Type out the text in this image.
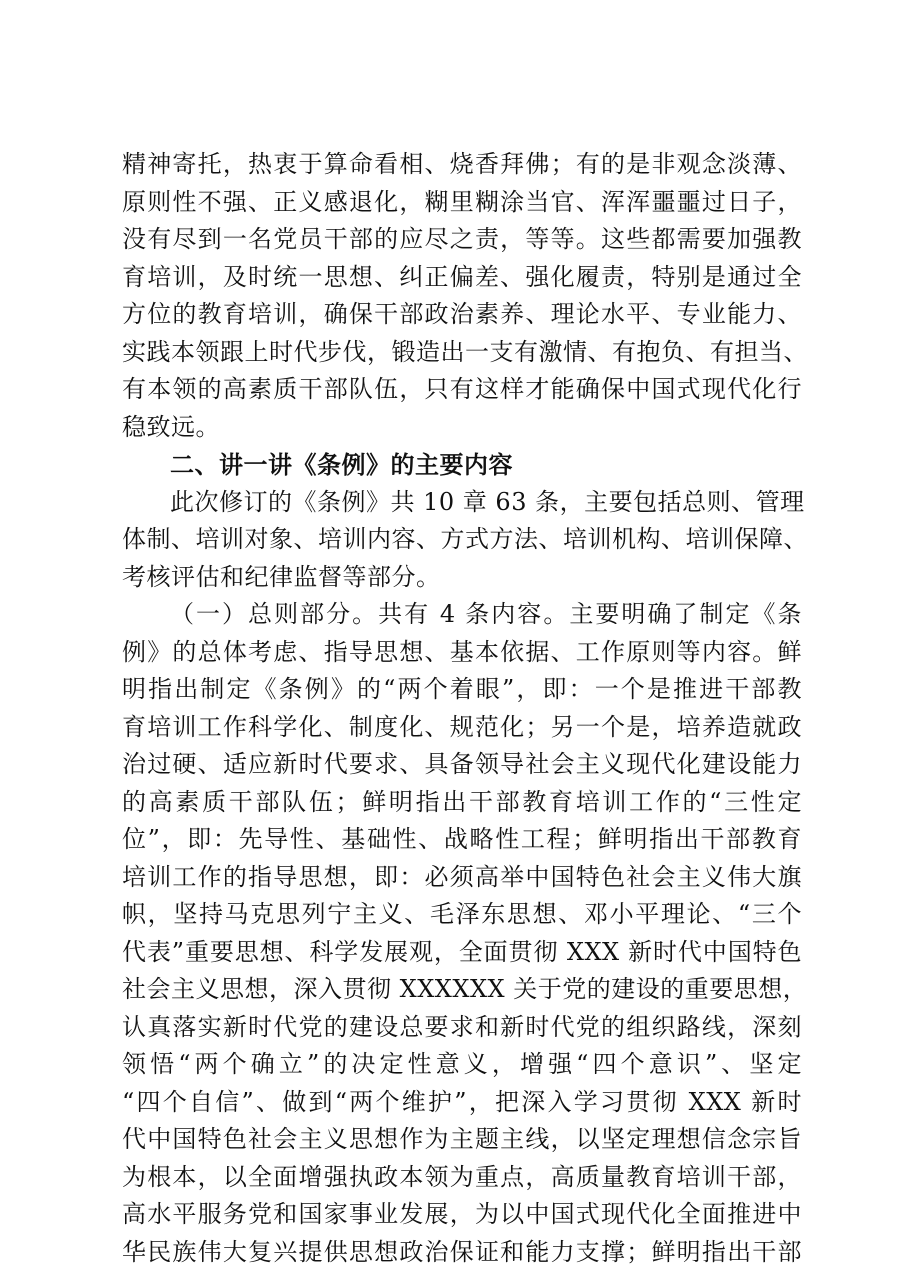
精神寄托，热衷于算命看相、烧香拜佛；有的是非观念淡薄、
原则性不强、正义感退化，糊里糊涂当官、浑浑噩噩过日子，
没有尽到一名党员干部的应尽之责，等等。这些都需要加强教
育培训，及时统一思想、纠正偏差、强化履责，特别是通过全
方位的教育培训，确保干部政治素养、理论水平、专业能力、
实践本领跟上时代步伐，锻造出一支有激情、有抱负、有担当、
有本领的高素质干部队伍，只有这样才能确保中国式现代化行
稳致远。
二、讲一讲《条例》的主要内容
此次修订的《条例》共 10 章 63 条，主要包括总则、管理
体制、培训对象、培训内容、方式方法、培训机构、培训保障、
考核评估和纪律监督等部分。
（一）总则部分。共有 4 条内容。主要明确了制定《条
例》的总体考虑、指导思想、基本依据、工作原则等内容。鲜
明指出制定《条例》的“两个着眼”，即：一个是推进干部教
育培训工作科学化、制度化、规范化；另一个是，培养造就政
治过硬、适应新时代要求、具备领导社会主义现代化建设能力
的高素质干部队伍；鲜明指出干部教育培训工作的“三性定
位”，即：先导性、基础性、战略性工程；鲜明指出干部教育
培训工作的指导思想，即：必须高举中国特色社会主义伟大旗
帜，坚持马克思列宁主义、毛泽东思想、邓小平理论、“三个
代表”重要思想、科学发展观，全面贯彻 XXX 新时代中国特色
社会主义思想，深入贯彻 XXXXXX 关于党的建设的重要思想，
认真落实新时代党的建设总要求和新时代党的组织路线，深刻
领悟“两个确立”的决定性意义，增强“四个意识”、坚定
“四个自信”、做到“两个维护”，把深入学习贯彻 XXX 新时
代中国特色社会主义思想作为主题主线，以坚定理想信念宗旨
为根本，以全面增强执政本领为重点，高质量教育培训干部，
高水平服务党和国家事业发展，为以中国式现代化全面推进中
华民族伟大复兴提供思想政治保证和能力支撑；鲜明指出干部
